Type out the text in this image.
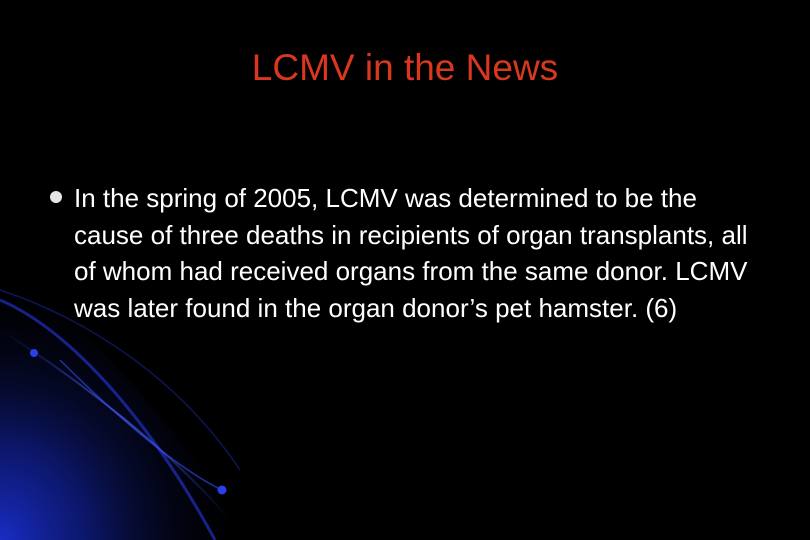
LCMV in the News
In the spring of 2005, LCMV was determined to be the cause of three deaths in recipients of organ transplants, all of whom had received organs from the same donor. LCMV was later found in the organ donor’s pet hamster. (6)
